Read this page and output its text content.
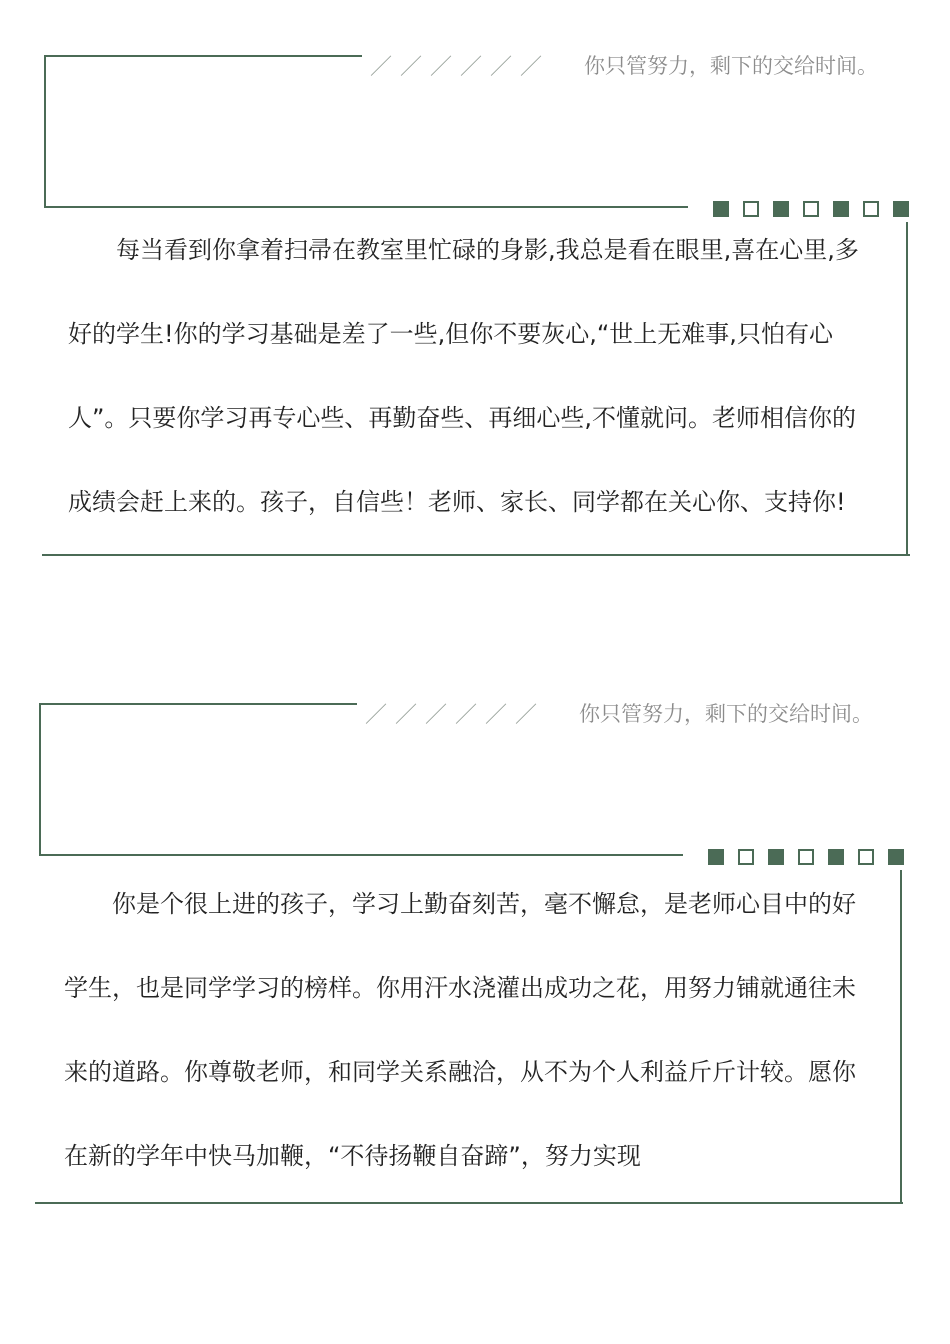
／／／／／／ 你只管努力，剩下的交给时间。

每当看到你拿着扫帚在教室里忙碌的身影,我总是看在眼里,喜在心里,多好的学生!你的学习基础是差了一些,但你不要灰心,“世上无难事,只怕有心人”。只要你学习再专心些、再勤奋些、再细心些,不懂就问。老师相信你的成绩会赶上来的。孩子，自信些！老师、家长、同学都在关心你、支持你!

／／／／／／ 你只管努力，剩下的交给时间。

你是个很上进的孩子，学习上勤奋刻苦，毫不懈怠，是老师心目中的好学生，也是同学学习的榜样。你用汗水浇灌出成功之花，用努力铺就通往未来的道路。你尊敬老师，和同学关系融洽，从不为个人利益斤斤计较。愿你在新的学年中快马加鞭，“不待扬鞭自奋蹄”，努力实现
